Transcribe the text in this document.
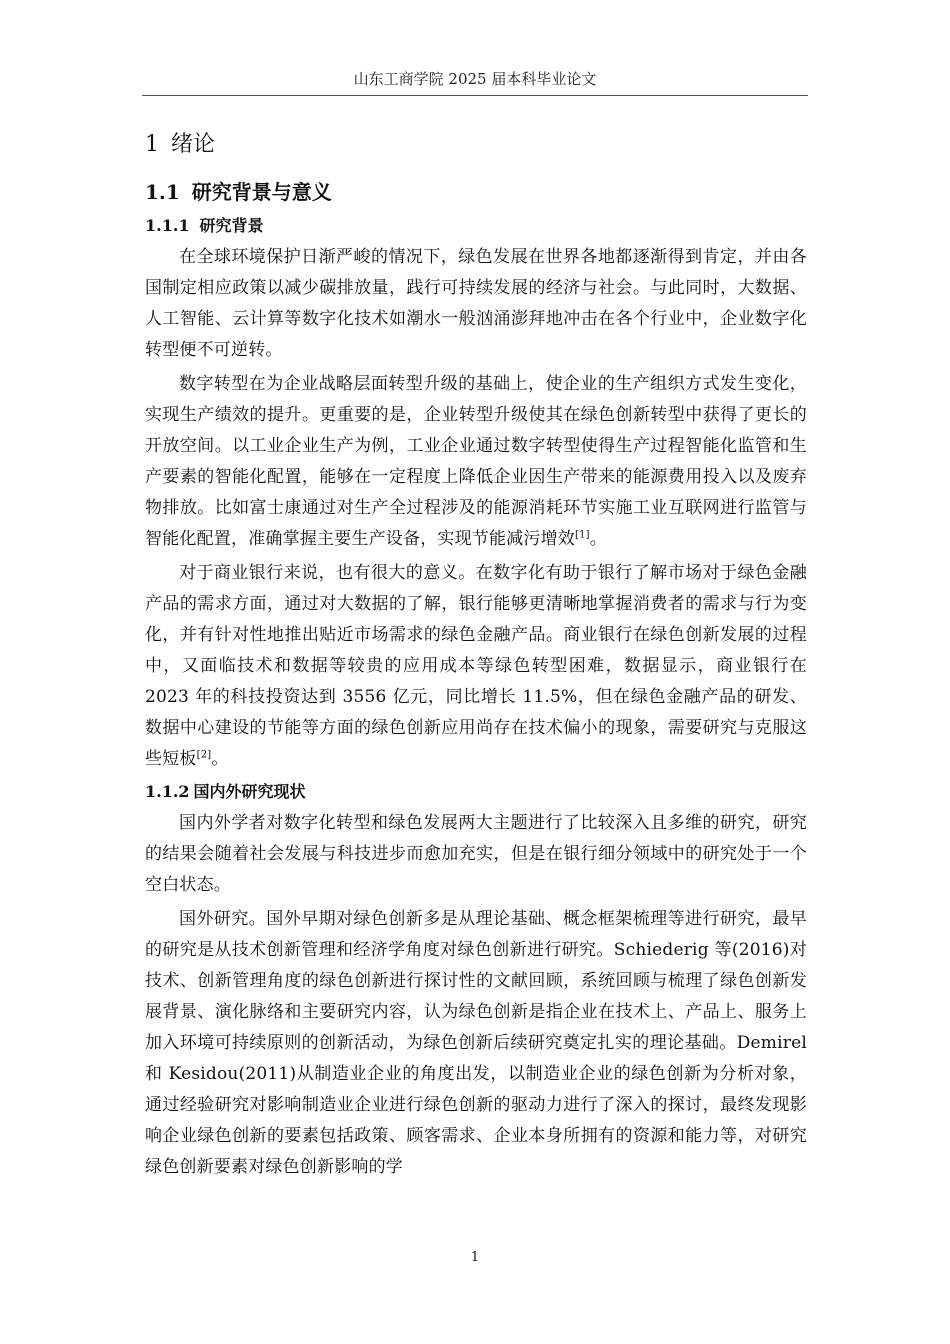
山东工商学院 2025 届本科毕业论文
1 绪论
1.1 研究背景与意义
1.1.1 研究背景

在全球环境保护日渐严峻的情况下，绿色发展在世界各地都逐渐得到肯定，并由各国制定相应政策以减少碳排放量，践行可持续发展的经济与社会。与此同时，大数据、人工智能、云计算等数字化技术如潮水一般汹涌澎拜地冲击在各个行业中，企业数字化转型便不可逆转。

数字转型在为企业战略层面转型升级的基础上，使企业的生产组织方式发生变化，实现生产绩效的提升。更重要的是，企业转型升级使其在绿色创新转型中获得了更长的开放空间。以工业企业生产为例，工业企业通过数字转型使得生产过程智能化监管和生产要素的智能化配置，能够在一定程度上降低企业因生产带来的能源费用投入以及废弃物排放。比如富士康通过对生产全过程涉及的能源消耗环节实施工业互联网进行监管与智能化配置，准确掌握主要生产设备，实现节能减污增效[1]。

对于商业银行来说，也有很大的意义。在数字化有助于银行了解市场对于绿色金融产品的需求方面，通过对大数据的了解，银行能够更清晰地掌握消费者的需求与行为变化，并有针对性地推出贴近市场需求的绿色金融产品。商业银行在绿色创新发展的过程中，又面临技术和数据等较贵的应用成本等绿色转型困难，数据显示，商业银行在 2023 年的科技投资达到 3556 亿元，同比增长 11.5%，但在绿色金融产品的研发、数据中心建设的节能等方面的绿色创新应用尚存在技术偏小的现象，需要研究与克服这些短板[2]。

1.1.2 国内外研究现状

国内外学者对数字化转型和绿色发展两大主题进行了比较深入且多维的研究，研究的结果会随着社会发展与科技进步而愈加充实，但是在银行细分领域中的研究处于一个空白状态。

国外研究。国外早期对绿色创新多是从理论基础、概念框架梳理等进行研究，最早的研究是从技术创新管理和经济学角度对绿色创新进行研究。Schiederig 等(2016)对技术、创新管理角度的绿色创新进行探讨性的文献回顾，系统回顾与梳理了绿色创新发展背景、演化脉络和主要研究内容，认为绿色创新是指企业在技术上、产品上、服务上加入环境可持续原则的创新活动，为绿色创新后续研究奠定扎实的理论基础。Demirel 和 Kesidou(2011)从制造业企业的角度出发，以制造业企业的绿色创新为分析对象，通过经验研究对影响制造业企业进行绿色创新的驱动力进行了深入的探讨，最终发现影响企业绿色创新的要素包括政策、顾客需求、企业本身所拥有的资源和能力等，对研究绿色创新要素对绿色创新影响的学

1
